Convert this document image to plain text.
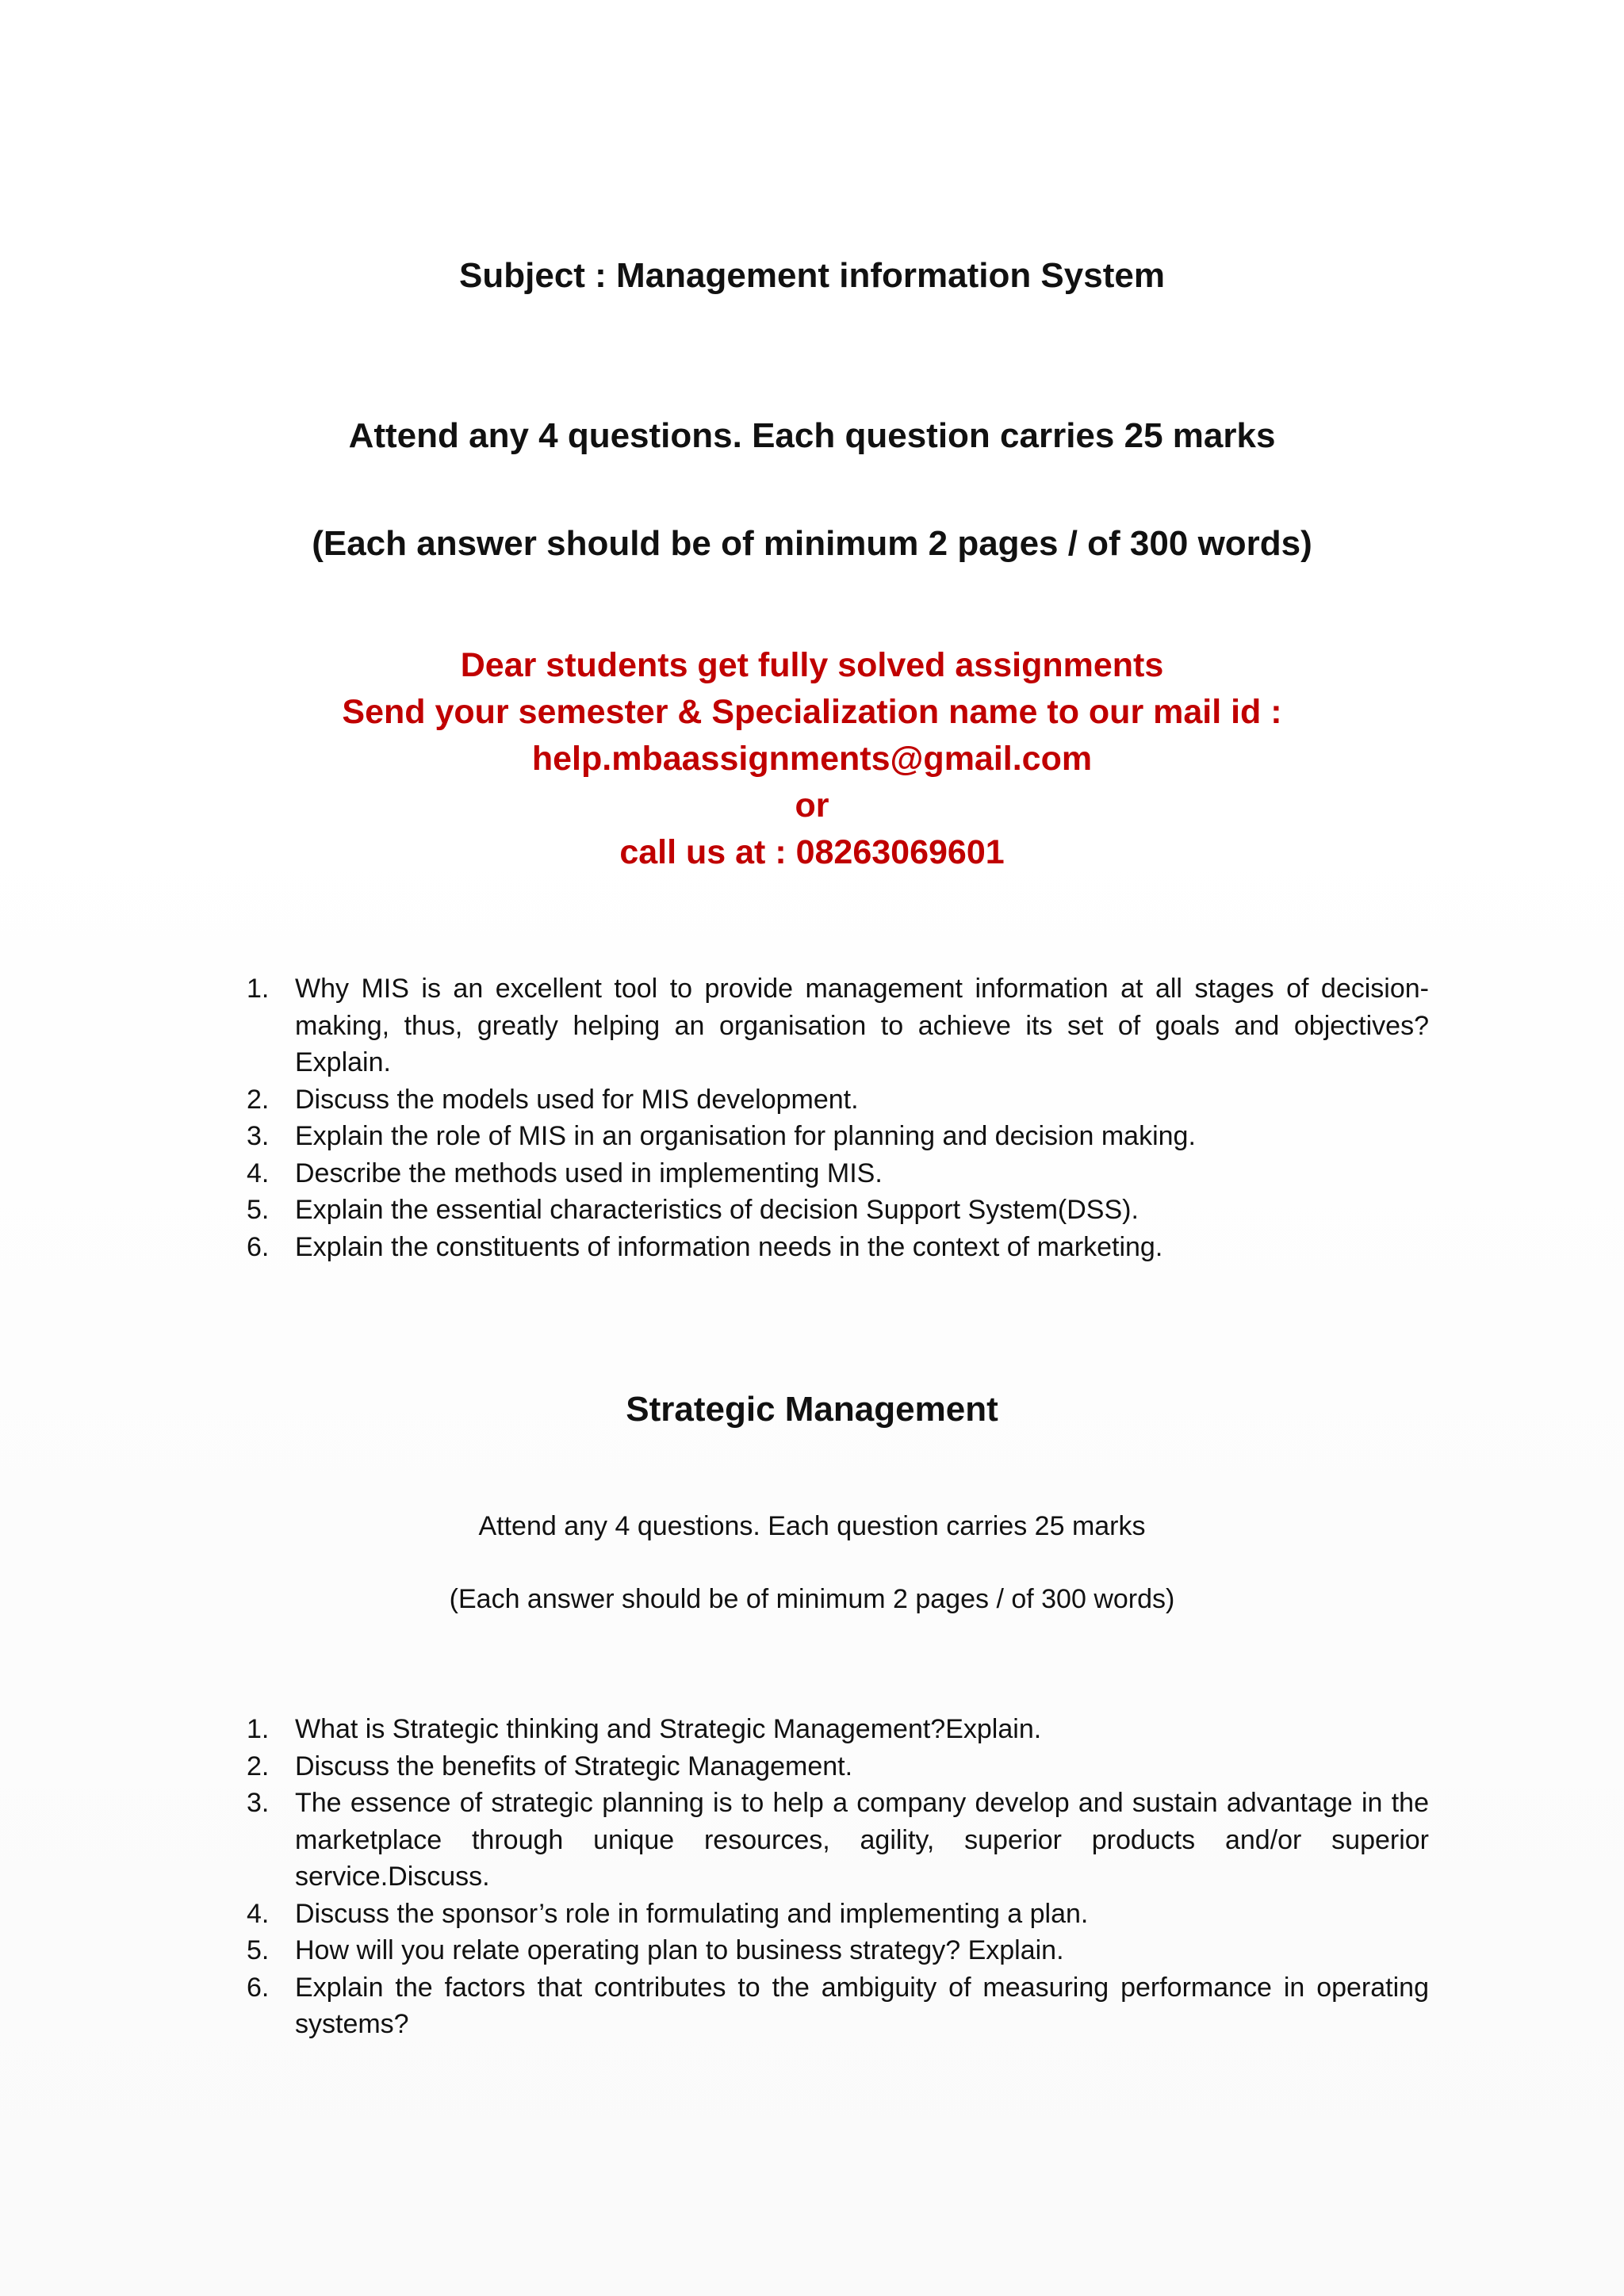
Subject : Management information System
Attend any 4 questions. Each question carries 25 marks
(Each answer should be of minimum 2 pages / of 300 words)
Dear students get fully solved assignments
Send your semester & Specialization name to our mail id :
help.mbaassignments@gmail.com
or
call us at : 08263069601
1. Why MIS is an excellent tool to provide management information at all stages of decision-making, thus, greatly helping an organisation to achieve its set of goals and objectives? Explain.
2. Discuss the models used for MIS development.
3. Explain the role of MIS in an organisation for planning and decision making.
4. Describe the methods used in implementing MIS.
5. Explain the essential characteristics of decision Support System(DSS).
6. Explain the constituents of information needs in the context of marketing.
Strategic Management
Attend any 4 questions. Each question carries 25 marks
(Each answer should be of minimum 2 pages / of 300 words)
1. What is Strategic thinking and Strategic Management?Explain.
2. Discuss the benefits of Strategic Management.
3. The essence of strategic planning is to help a company develop and sustain advantage in the marketplace through unique resources, agility, superior products and/or superior service.Discuss.
4. Discuss the sponsor’s role in formulating and implementing a plan.
5. How will you relate operating plan to business strategy? Explain.
6. Explain the factors that contributes to the ambiguity of measuring performance in operating systems?
